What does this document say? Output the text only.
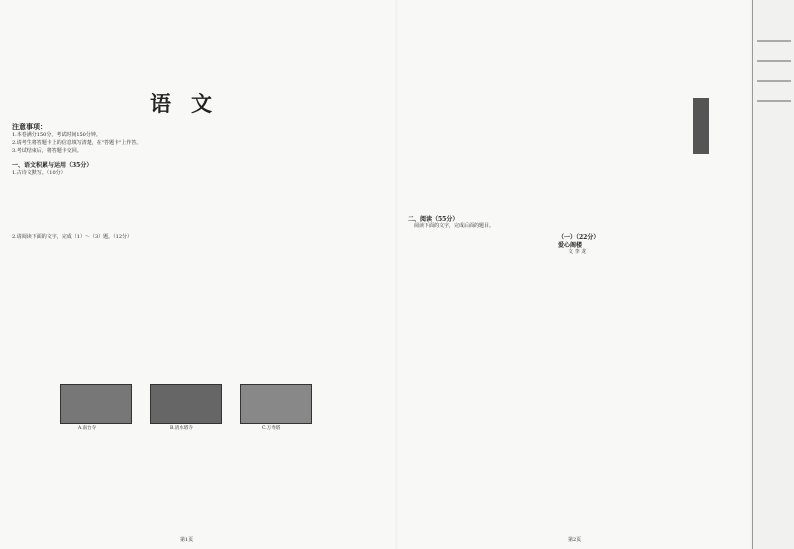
语文
注意事项：
1.本卷满分150分，考试时间150分钟。
2.请考生将答题卡上的信息填写清楚，在"答题卡"上作答。
3.考试结束后，将答题卡交回。
一、语文积累与运用（35分）
1.古诗文默写。（10分）
2.请阅读下面的文字，完成（1）～（3）题。（12分）
A.南台寺	B.清水塔寺	C.万寿塔
第1页
二、阅读（55分）
阅读下面的文字，完成后面的题目。
（一）（22分）
爱心阁楼
文 李 龙
第2页
